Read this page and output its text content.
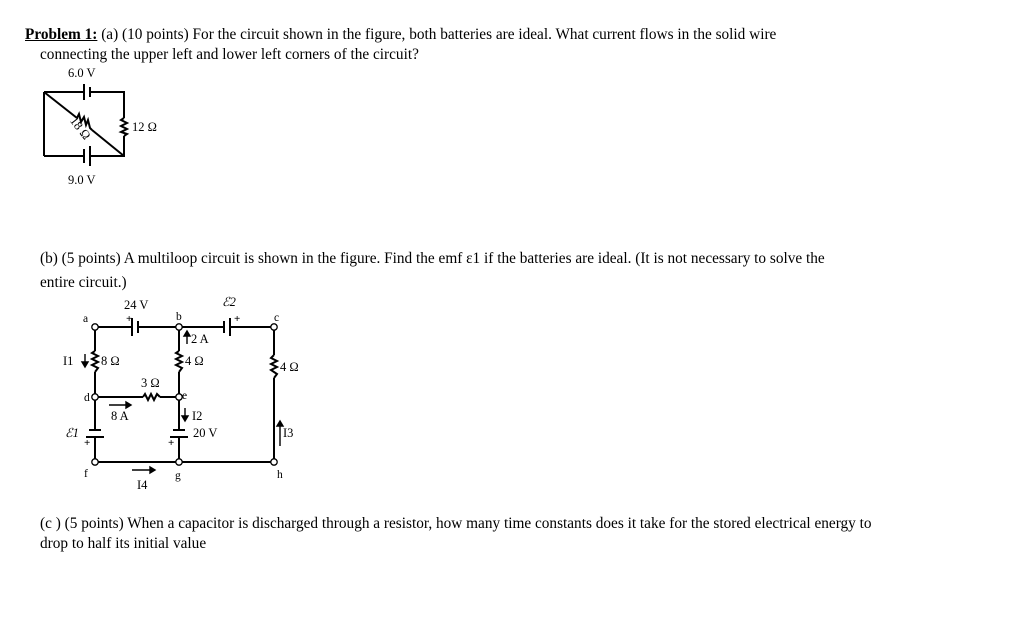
Problem 1: (a) (10 points) For the circuit shown in the figure, both batteries are ideal. What current flows in the solid wire
connecting the upper left and lower left corners of the circuit?
(b) (5 points) A multiloop circuit is shown in the figure. Find the emf ε1 if the batteries are ideal. (It is not necessary to solve the
entire circuit.)
(c ) (5 points) When a capacitor is discharged through a resistor, how many time constants does it take for the stored electrical energy to
drop to half its initial value
6.0 V
12 Ω
18 Ω
9.0 V
a	b	c
d	e
f	g	h
24 V	ℰ2
ℰ1	20 V
8 Ω	4 Ω	4 Ω
3 Ω
2 A
8 A
I1
I2
I3
I4
+	+
+	+
